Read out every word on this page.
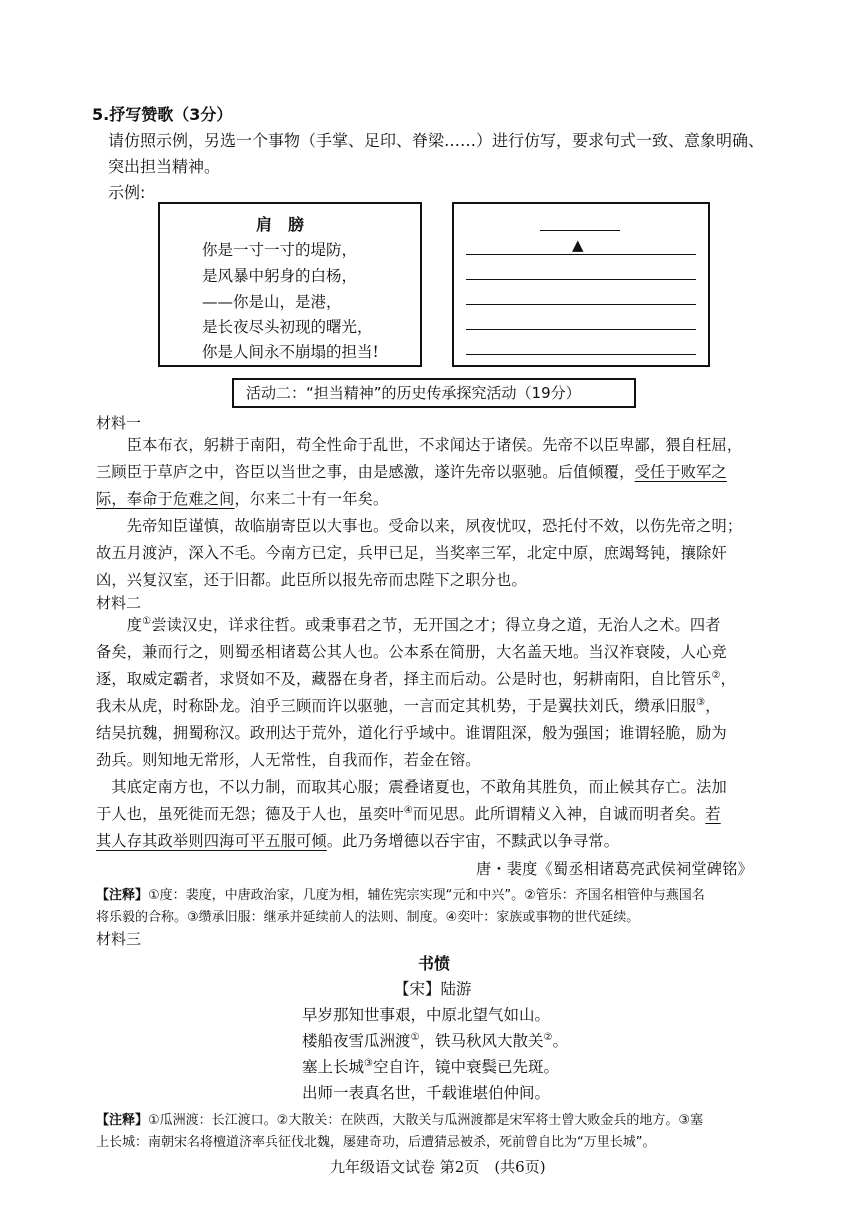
5.抒写赞歌（3分）
请仿照示例，另选一个事物（手掌、足印、脊梁……）进行仿写，要求句式一致、意象明确、
突出担当精神。
示例:
肩　膀
你是一寸一寸的堤防，
是风暴中躬身的白杨，
——你是山，是港，
是长夜尽头初现的曙光，
你是人间永不崩塌的担当!
▲
活动二：“担当精神”的历史传承探究活动（19分）
材料一
　　臣本布衣，躬耕于南阳，苟全性命于乱世，不求闻达于诸侯。先帝不以臣卑鄙，猥自枉屈，
三顾臣于草庐之中，咨臣以当世之事，由是感激，遂许先帝以驱驰。后值倾覆，受任于败军之
际，奉命于危难之间，尔来二十有一年矣。
　　先帝知臣谨慎，故临崩寄臣以大事也。受命以来，夙夜忧叹，恐托付不效，以伤先帝之明；
故五月渡泸，深入不毛。今南方已定，兵甲已足，当奖率三军，北定中原，庶竭驽钝，攘除奸
凶，兴复汉室，还于旧都。此臣所以报先帝而忠陛下之职分也。
材料二
　　度①尝读汉史，详求往哲。或秉事君之节，无开国之才；得立身之道，无治人之术。四者
备矣，兼而行之，则蜀丞相诸葛公其人也。公本系在简册，大名盖天地。当汉祚衰陵，人心竞
逐，取威定霸者，求贤如不及，藏器在身者，择主而后动。公是时也，躬耕南阳，自比管乐②，
我未从虎，时称卧龙。洎乎三顾而许以驱驰，一言而定其机势，于是翼扶刘氏，缵承旧服③，
结吴抗魏，拥蜀称汉。政刑达于荒外，道化行乎域中。谁谓阻深，般为强国；谁谓轻脆，励为
劲兵。则知地无常形，人无常性，自我而作，若金在镕。
　其底定南方也，不以力制，而取其心服；震叠诸夏也，不敢角其胜负，而止候其存亡。法加
于人也，虽死徙而无怨；德及于人也，虽奕叶④而见思。此所谓精义入神，自诚而明者矣。若
其人存其政举则四海可平五服可倾。此乃务增德以吞宇宙，不黩武以争寻常。
唐・裴度《蜀丞相诸葛亮武侯祠堂碑铭》
【注释】①度：裴度，中唐政治家，几度为相，辅佐宪宗实现“元和中兴”。②管乐：齐国名相管仲与燕国名
将乐毅的合称。③缵承旧服：继承并延续前人的法则、制度。④奕叶：家族或事物的世代延续。
材料三
书愤
【宋】陆游
早岁那知世事艰，中原北望气如山。
楼船夜雪瓜洲渡①，铁马秋风大散关②。
塞上长城③空自许，镜中衰鬓已先斑。
出师一表真名世，千载谁堪伯仲间。
【注释】①瓜洲渡：长江渡口。②大散关：在陕西，大散关与瓜洲渡都是宋军将士曾大败金兵的地方。③塞
上长城：南朝宋名将檀道济率兵征伐北魏，屡建奇功，后遭猜忌被杀，死前曾自比为“万里长城”。
九年级语文试卷 第2页　(共6页)
